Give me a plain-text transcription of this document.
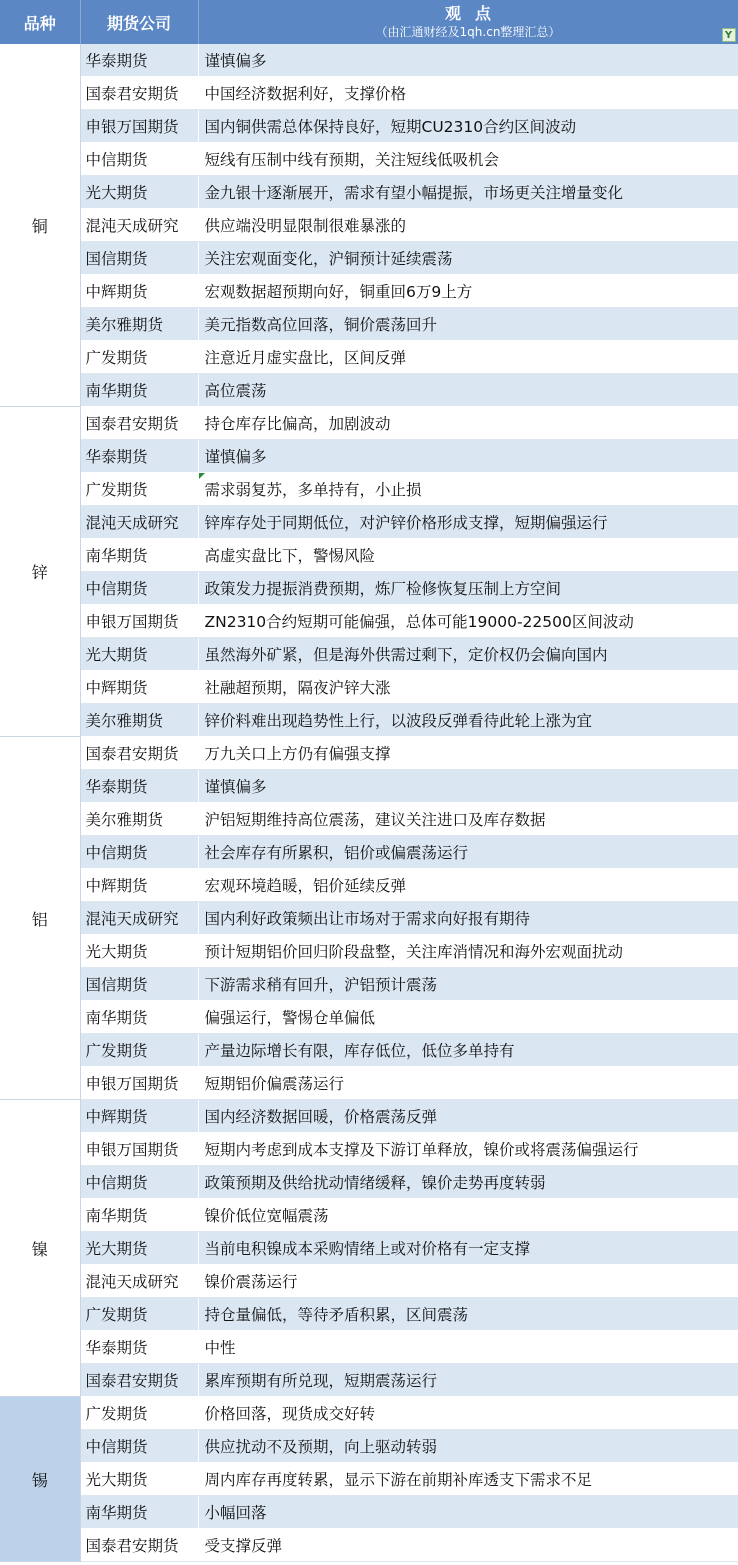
品种	期货公司	观点
（由汇通财经及1qh.cn整理汇总） Y

铜	华泰期货	谨慎偏多
	国泰君安期货	中国经济数据利好，支撑价格
	申银万国期货	国内铜供需总体保持良好，短期CU2310合约区间波动
	中信期货	短线有压制中线有预期，关注短线低吸机会
	光大期货	金九银十逐渐展开，需求有望小幅提振，市场更关注增量变化
	混沌天成研究	供应端没明显限制很难暴涨的
	国信期货	关注宏观面变化，沪铜预计延续震荡
	中辉期货	宏观数据超预期向好，铜重回6万9上方
	美尔雅期货	美元指数高位回落，铜价震荡回升
	广发期货	注意近月虚实盘比，区间反弹
	南华期货	高位震荡
锌	国泰君安期货	持仓库存比偏高，加剧波动
	华泰期货	谨慎偏多
	广发期货	需求弱复苏，多单持有，小止损
	混沌天成研究	锌库存处于同期低位，对沪锌价格形成支撑，短期偏强运行
	南华期货	高虚实盘比下，警惕风险
	中信期货	政策发力提振消费预期，炼厂检修恢复压制上方空间
	申银万国期货	ZN2310合约短期可能偏强，总体可能19000-22500区间波动
	光大期货	虽然海外矿紧，但是海外供需过剩下，定价权仍会偏向国内
	中辉期货	社融超预期，隔夜沪锌大涨
	美尔雅期货	锌价料难出现趋势性上行，以波段反弹看待此轮上涨为宜
铝	国泰君安期货	万九关口上方仍有偏强支撑
	华泰期货	谨慎偏多
	美尔雅期货	沪铝短期维持高位震荡，建议关注进口及库存数据
	中信期货	社会库存有所累积，铝价或偏震荡运行
	中辉期货	宏观环境趋暖，铝价延续反弹
	混沌天成研究	国内利好政策频出让市场对于需求向好报有期待
	光大期货	预计短期铝价回归阶段盘整，关注库消情况和海外宏观面扰动
	国信期货	下游需求稍有回升，沪铝预计震荡
	南华期货	偏强运行，警惕仓单偏低
	广发期货	产量边际增长有限，库存低位，低位多单持有
	申银万国期货	短期铝价偏震荡运行
镍	中辉期货	国内经济数据回暖，价格震荡反弹
	申银万国期货	短期内考虑到成本支撑及下游订单释放，镍价或将震荡偏强运行
	中信期货	政策预期及供给扰动情绪缓释，镍价走势再度转弱
	南华期货	镍价低位宽幅震荡
	光大期货	当前电积镍成本采购情绪上或对价格有一定支撑
	混沌天成研究	镍价震荡运行
	广发期货	持仓量偏低，等待矛盾积累，区间震荡
	华泰期货	中性
	国泰君安期货	累库预期有所兑现，短期震荡运行
锡	广发期货	价格回落，现货成交好转
	中信期货	供应扰动不及预期，向上驱动转弱
	光大期货	周内库存再度转累，显示下游在前期补库透支下需求不足
	南华期货	小幅回落
	国泰君安期货	受支撑反弹
